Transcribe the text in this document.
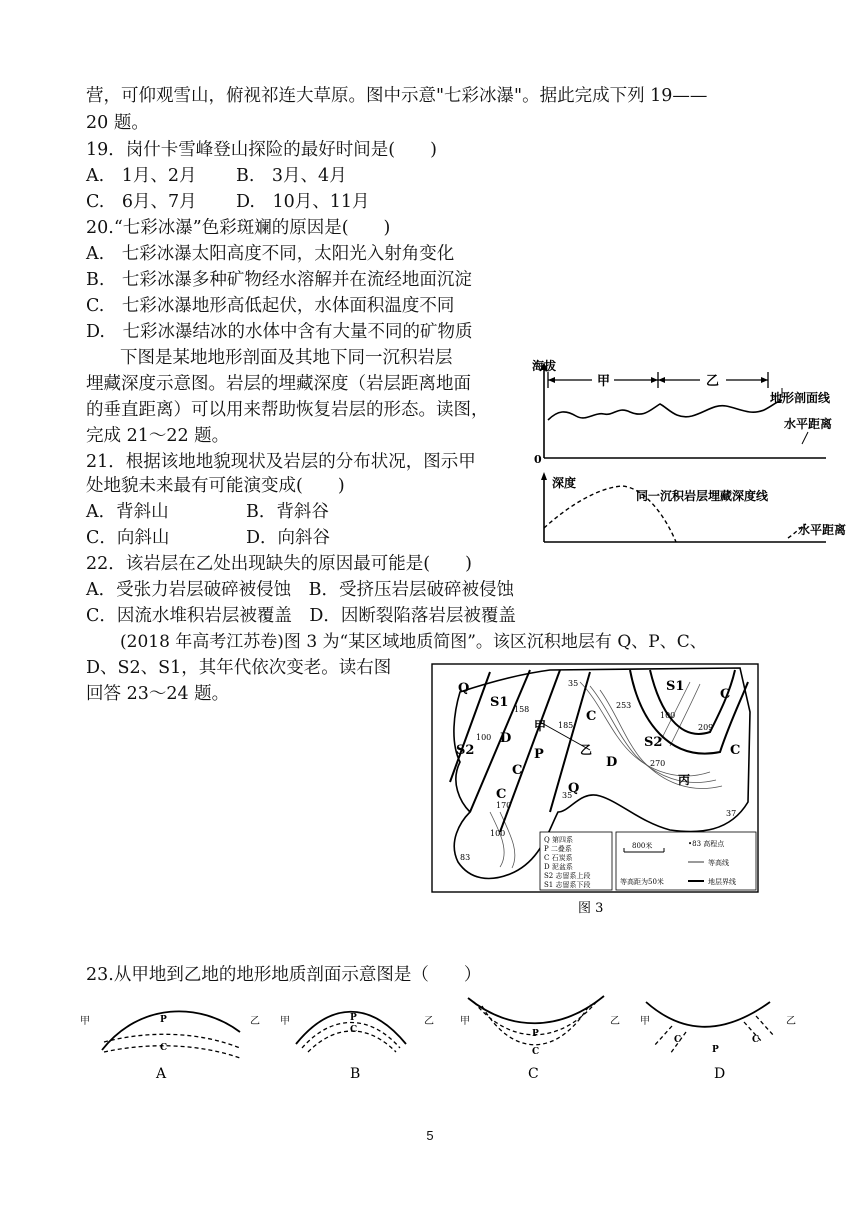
营，可仰观雪山，俯视祁连大草原。图中示意"七彩冰瀑"。据此完成下列 19——
20 题。
19．岗什卡雪峰登山探险的最好时间是(　　)
A.　1月、2月 B.　3月、4月
C.　6月、7月 D.　10月、11月
20.“七彩冰瀑”色彩斑斓的原因是(　　)
A.　七彩冰瀑太阳高度不同，太阳光入射角变化
B.　七彩冰瀑多种矿物经水溶解并在流经地面沉淀
C.　七彩冰瀑地形高低起伏，水体面积温度不同
D.　七彩冰瀑结冰的水体中含有大量不同的矿物质
下图是某地地形剖面及其地下同一沉积岩层
埋藏深度示意图。岩层的埋藏深度（岩层距离地面
的垂直距离）可以用来帮助恢复岩层的形态。读图，
完成 21～22 题。
21．根据该地地貌现状及岩层的分布状况，图示甲
处地貌未来最有可能演变成(　　)
A．背斜山	B．背斜谷
C．向斜山	D．向斜谷
22．该岩层在乙处出现缺失的原因最可能是(　　)
A．受张力岩层破碎被侵蚀　B．受挤压岩层破碎被侵蚀
C．因流水堆积岩层被覆盖　D．因断裂陷落岩层被覆盖
(2018 年高考江苏卷)图 3 为“某区域地质简图”。该区沉积地层有 Q、P、C、
D、S2、S1，其年代依次变老。读右图
回答 23～24 题。
23.从甲地到乙地的地形地质剖面示意图是（　　）
海拔
0
甲	乙
地形剖面线
水平距离
深度
同一沉积岩层埋藏深度线
水平距离
Q
S1
S2
D
C
P
C
C
S1
S2
D
Q
C
C
甲
乙
丙
35
158
185
253
209
270
170
35
37
83
100
100
100
Q 第四系
P 二叠系
C 石炭系
D 泥盆系
S2 志留系上段
S1 志留系下段
800米
等高距为50米
•83 高程点
等高线
地层界线
图 3
甲	乙
P
C
A
甲	乙
P
C
B
甲	乙
P
C
C
甲	乙
C
P
C
D
5
